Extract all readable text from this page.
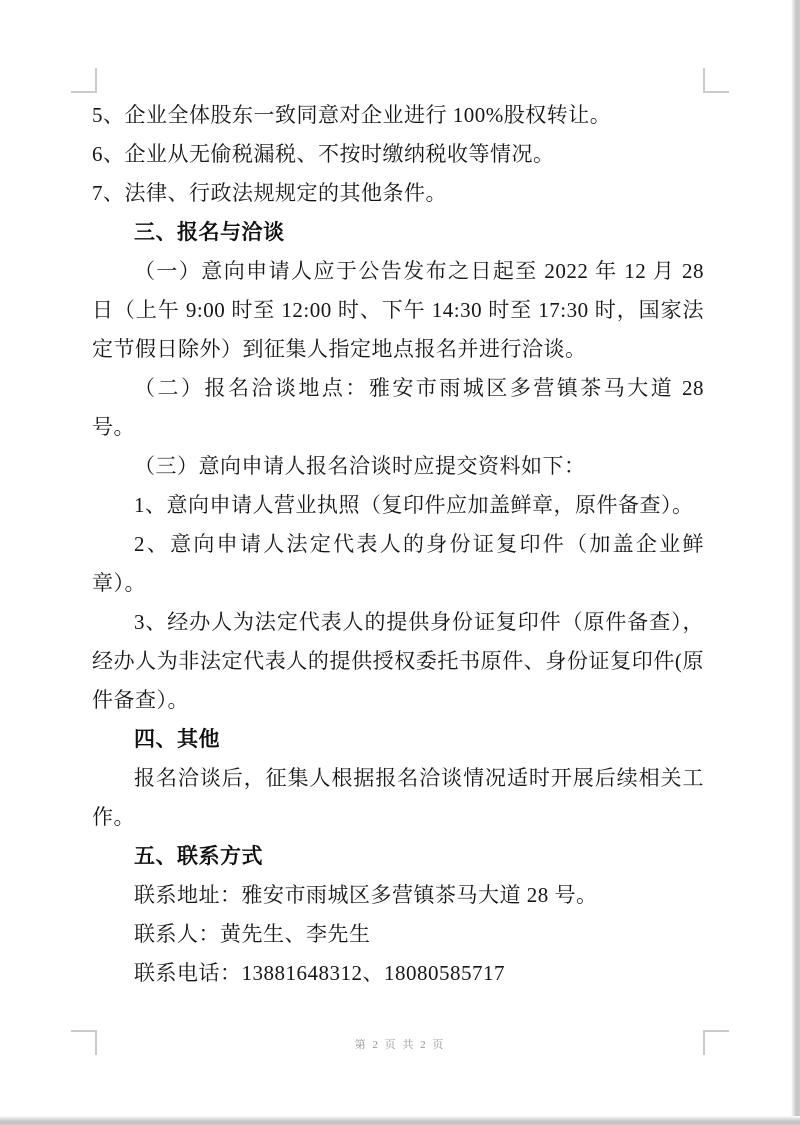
5、企业全体股东一致同意对企业进行 100%股权转让。

6、企业从无偷税漏税、不按时缴纳税收等情况。

7、法律、行政法规规定的其他条件。

三、报名与洽谈

（一）意向申请人应于公告发布之日起至 2022 年 12 月 28 日（上午 9:00 时至 12:00 时、下午 14:30 时至 17:30 时，国家法定节假日除外）到征集人指定地点报名并进行洽谈。

（二）报名洽谈地点：雅安市雨城区多营镇茶马大道 28 号。

（三）意向申请人报名洽谈时应提交资料如下：

1、意向申请人营业执照（复印件应加盖鲜章，原件备查）。

2、意向申请人法定代表人的身份证复印件（加盖企业鲜章）。

3、经办人为法定代表人的提供身份证复印件（原件备查），经办人为非法定代表人的提供授权委托书原件、身份证复印件(原件备查）。

四、其他

报名洽谈后，征集人根据报名洽谈情况适时开展后续相关工作。

五、联系方式

联系地址：雅安市雨城区多营镇茶马大道 28 号。

联系人：黄先生、李先生

联系电话：13881648312、18080585717

第 2 页 共 2 页
